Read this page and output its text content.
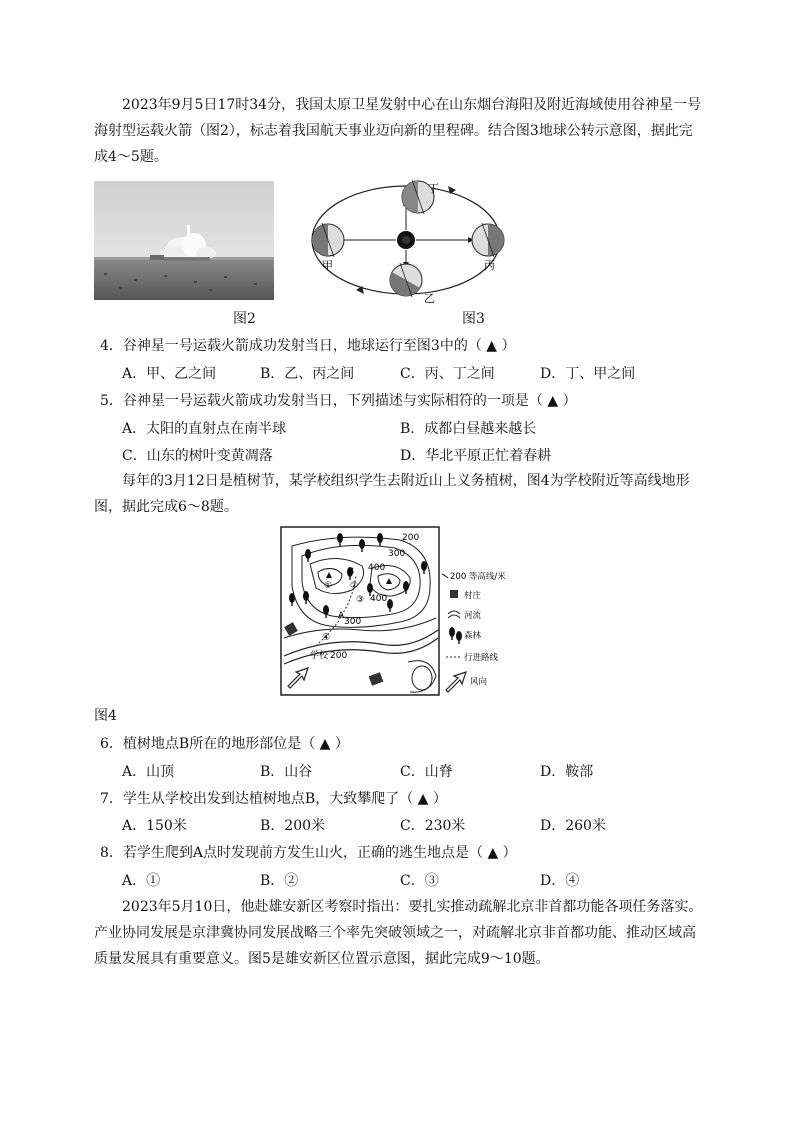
2023年9月5日17时34分，我国太原卫星发射中心在山东烟台海阳及附近海域使用谷神星一号海射型运载火箭（图2），标志着我国航天事业迈向新的里程碑。结合图3地球公转示意图，据此完成4～5题。
丁
甲	丙
乙
图2	图3
4．谷神星一号运载火箭成功发射当日，地球运行至图3中的（ ▲ ）
A．甲、乙之间	B．乙、丙之间	C．丙、丁之间	D．丁、甲之间
5．谷神星一号运载火箭成功发射当日，下列描述与实际相符的一项是（ ▲ ）
A．太阳的直射点在南半球	B．成都白昼越来越长
C．山东的树叶变黄凋落	D．华北平原正忙着春耕
每年的3月12日是植树节，某学校组织学生去附近山上义务植树，图4为学校附近等高线地形图，据此完成6～8题。
200
300
400
400
300
200
B
A
① ②
③
④
学校
200 等高线/米
村庄
河流
森林
行进路线
风向
图4
6．植树地点B所在的地形部位是（ ▲ ）
A．山顶	B．山谷	C．山脊	D．鞍部
7．学生从学校出发到达植树地点B，大致攀爬了（ ▲ ）
A．150米	B．200米	C．230米	D．260米
8．若学生爬到A点时发现前方发生山火，正确的逃生地点是（ ▲ ）
A．①	B．②	C．③	D．④
2023年5月10日，他赴雄安新区考察时指出：要扎实推动疏解北京非首都功能各项任务落实。产业协同发展是京津冀协同发展战略三个率先突破领域之一，对疏解北京非首都功能、推动区域高质量发展具有重要意义。图5是雄安新区位置示意图，据此完成9～10题。
